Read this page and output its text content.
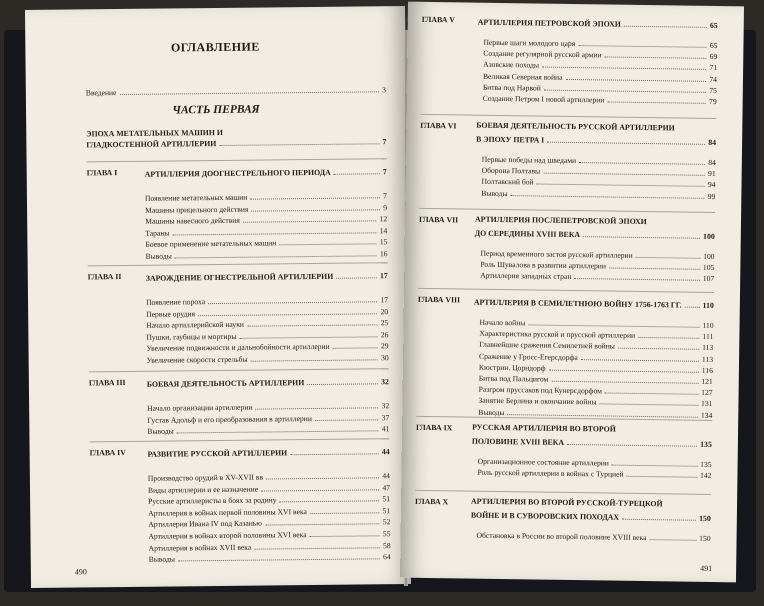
ОГЛАВЛЕНИЕ
Введение	3
ЧАСТЬ ПЕРВАЯ
ЭПОХА МЕТАТЕЛЬНЫХ МАШИН И
ГЛАДКОСТЕННОЙ АРТИЛЛЕРИИ	7
ГЛАВА I	АРТИЛЛЕРИЯ ДООГНЕСТРЕЛЬНОГО ПЕРИОДА	7
Появление метательных машин	7
Машины прицельного действия	9
Машины навесного действия	12
Тараны	14
Боевое применение метательных машин	15
Выводы	16
ГЛАВА II	ЗАРОЖДЕНИЕ ОГНЕСТРЕЛЬНОЙ АРТИЛЛЕРИИ	17
Появление пороха	17
Первые орудия	20
Начало артиллерийской науки	25
Пушки, гаубицы и мортиры	26
Увеличение подвижности и дальнобойности артиллерии	29
Увеличение скорости стрельбы	30
ГЛАВА III	БОЕВАЯ ДЕЯТЕЛЬНОСТЬ АРТИЛЛЕРИИ	32
Начало организации артиллерии	32
Густав Адольф и его преобразования в артиллерии	37
Выводы	41
ГЛАВА IV	РАЗВИТИЕ РУССКОЙ АРТИЛЛЕРИИ	44
Производство орудий в XV-XVII вв	44
Виды артиллерии и ее назначение	47
Русские артиллеристы в боях за родину	51
Артиллерия в войнах первой половины XVI века	51
Артиллерия Ивана IV под Казанью	52
Артиллерия в войнах второй половины XVI века	55
Артиллерия в войнах XVII века	58
Выводы	64
490
ГЛАВА V	АРТИЛЛЕРИЯ ПЕТРОВСКОЙ ЭПОХИ	65
Первые шаги молодого царя	65
Создание регулярной русской армии	69
Азовские походы	71
Великая Северная война	74
Битва под Нарвой	75
Создание Петром I новой артиллерии	79
ГЛАВА VI	БОЕВАЯ ДЕЯТЕЛЬНОСТЬ РУССКОЙ АРТИЛЛЕРИИ
В ЭПОХУ ПЕТРА I	84
Первые победы над шведами	84
Оборона Полтавы	91
Полтавский бой	94
Выводы	99
ГЛАВА VII АРТИЛЛЕРИЯ ПОСЛЕПЕТРОВСКОЙ ЭПОХИ
ДО СЕРЕДИНЫ XVIII ВЕКА	100
Период временного застоя русской артиллерии	100
Роль Шувалова в развитии артиллерии	105
Артиллерия западных стран	107
ГЛАВА VIII АРТИЛЛЕРИЯ В СЕМИЛЕТНЮЮ ВОЙНУ 1756-1763 ГГ.	110
Начало войны	110
Характеристика русской и прусской артиллерии	111
Главнейшие сражения Семилетней войны	113
Сражение у Гросс-Егерсдорфа	113
Кюстрин. Цорндорф	116
Битва под Пальцигом	121
Разгром пруссаков под Кунерсдорфом	127
Занятие Берлина и окончание войны	131
Выводы	134
ГЛАВА IX	РУССКАЯ АРТИЛЛЕРИЯ ВО ВТОРОЙ
ПОЛОВИНЕ XVIII ВЕКА	135
Организационное состояние артиллерии	135
Роль русской артиллерии в войнах с Турцией	142
ГЛАВА X	АРТИЛЛЕРИЯ ВО ВТОРОЙ РУССКОЙ-ТУРЕЦКОЙ
ВОЙНЕ И В СУВОРОВСКИХ ПОХОДАХ	150
Обстановка в России во второй половине XVIII века	150
491
